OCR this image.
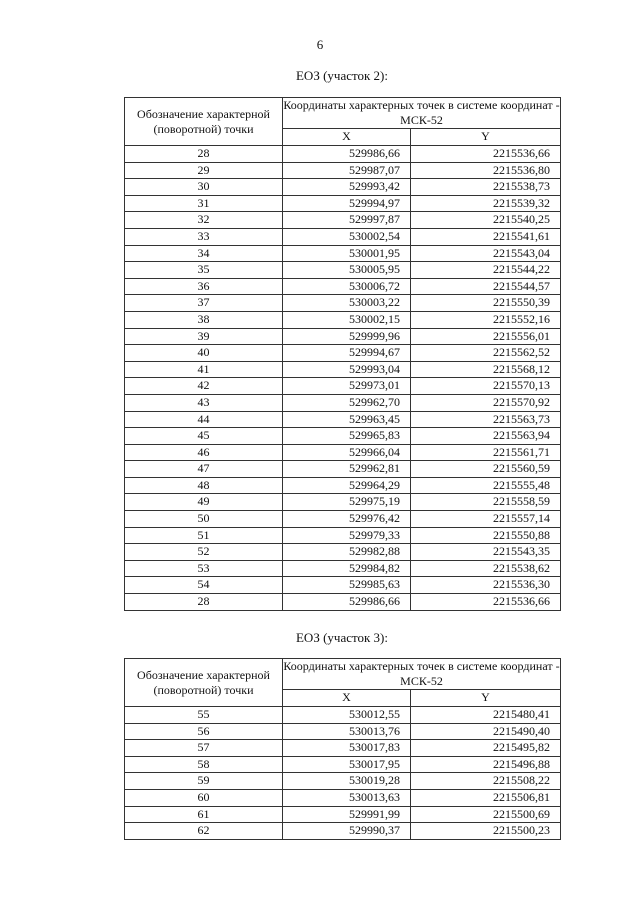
6
ЕОЗ (участок 2):
Обозначение характерной (поворотной) точки	Координаты характерных точек в системе координат - МСК-52	
	X	Y
28	529986,66	2215536,66
29	529987,07	2215536,80
30	529993,42	2215538,73
31	529994,97	2215539,32
32	529997,87	2215540,25
33	530002,54	2215541,61
34	530001,95	2215543,04
35	530005,95	2215544,22
36	530006,72	2215544,57
37	530003,22	2215550,39
38	530002,15	2215552,16
39	529999,96	2215556,01
40	529994,67	2215562,52
41	529993,04	2215568,12
42	529973,01	2215570,13
43	529962,70	2215570,92
44	529963,45	2215563,73
45	529965,83	2215563,94
46	529966,04	2215561,71
47	529962,81	2215560,59
48	529964,29	2215555,48
49	529975,19	2215558,59
50	529976,42	2215557,14
51	529979,33	2215550,88
52	529982,88	2215543,35
53	529984,82	2215538,62
54	529985,63	2215536,30
28	529986,66	2215536,66
ЕОЗ (участок 3):
Обозначение характерной (поворотной) точки	Координаты характерных точек в системе координат - МСК-52	
	X	Y
55	530012,55	2215480,41
56	530013,76	2215490,40
57	530017,83	2215495,82
58	530017,95	2215496,88
59	530019,28	2215508,22
60	530013,63	2215506,81
61	529991,99	2215500,69
62	529990,37	2215500,23
